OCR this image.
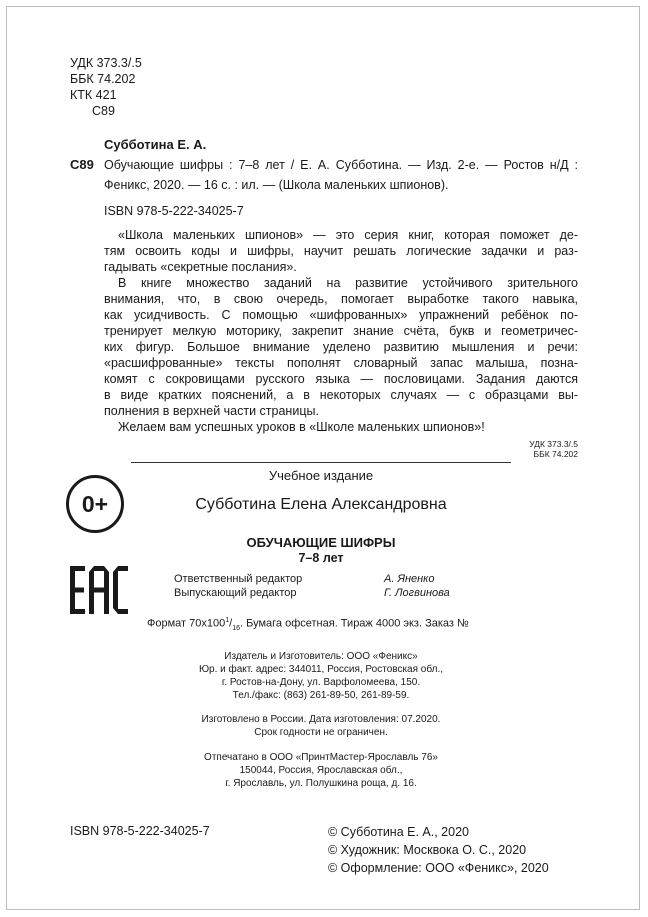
УДК 373.3/.5
ББК 74.202
КТК 421
С89
Субботина Е. А.
С89 Обучающие шифры : 7–8 лет / Е. А. Субботина. — Изд. 2-е. — Ростов н/Д :
Феникс, 2020. — 16 с. : ил. — (Школа маленьких шпионов).
ISBN 978-5-222-34025-7
«Школа маленьких шпионов» — это серия книг, которая поможет де-
тям освоить коды и шифры, научит решать логические задачки и раз-
гадывать «секретные послания».
В книге множество заданий на развитие устойчивого зрительного
внимания, что, в свою очередь, помогает выработке такого навыка,
как усидчивость. С помощью «шифрованных» упражнений ребёнок по-
тренирует мелкую моторику, закрепит знание счёта, букв и геометричес-
ких фигур. Большое внимание уделено развитию мышления и речи:
«расшифрованные» тексты пополнят словарный запас малыша, позна-
комят с сокровищами русского языка — пословицами. Задания даются
в виде кратких пояснений, а в некоторых случаях — с образцами вы-
полнения в верхней части страницы.
Желаем вам успешных уроков в «Школе маленьких шпионов»!
УДК 373.3/.5
ББК 74.202
0+
Учебное издание
Субботина Елена Александровна
ОБУЧАЮЩИЕ ШИФРЫ
7–8 лет
Ответственный редактор	А. Яненко
Выпускающий редактор	Г. Логвинова
Формат $70х100^1/_{16}$. Бумага офсетная. Тираж 4000 экз. Заказ №
Издатель и Изготовитель: ООО «Феникс»
Юр. и факт. адрес: 344011, Россия, Ростовская обл.,
г. Ростов-на-Дону, ул. Варфоломеева, 150.
Тел./факс: (863) 261-89-50, 261-89-59.
Изготовлено в России. Дата изготовления: 07.2020.
Срок годности не ограничен.
Отпечатано в ООО «ПринтМастер-Ярославль 76»
150044, Россия, Ярославская обл.,
г. Ярославль, ул. Полушкина роща, д. 16.
ISBN 978-5-222-34025-7	© Субботина Е. А., 2020
© Художник: Москвока О. С., 2020
© Оформление: ООО «Феникс», 2020
